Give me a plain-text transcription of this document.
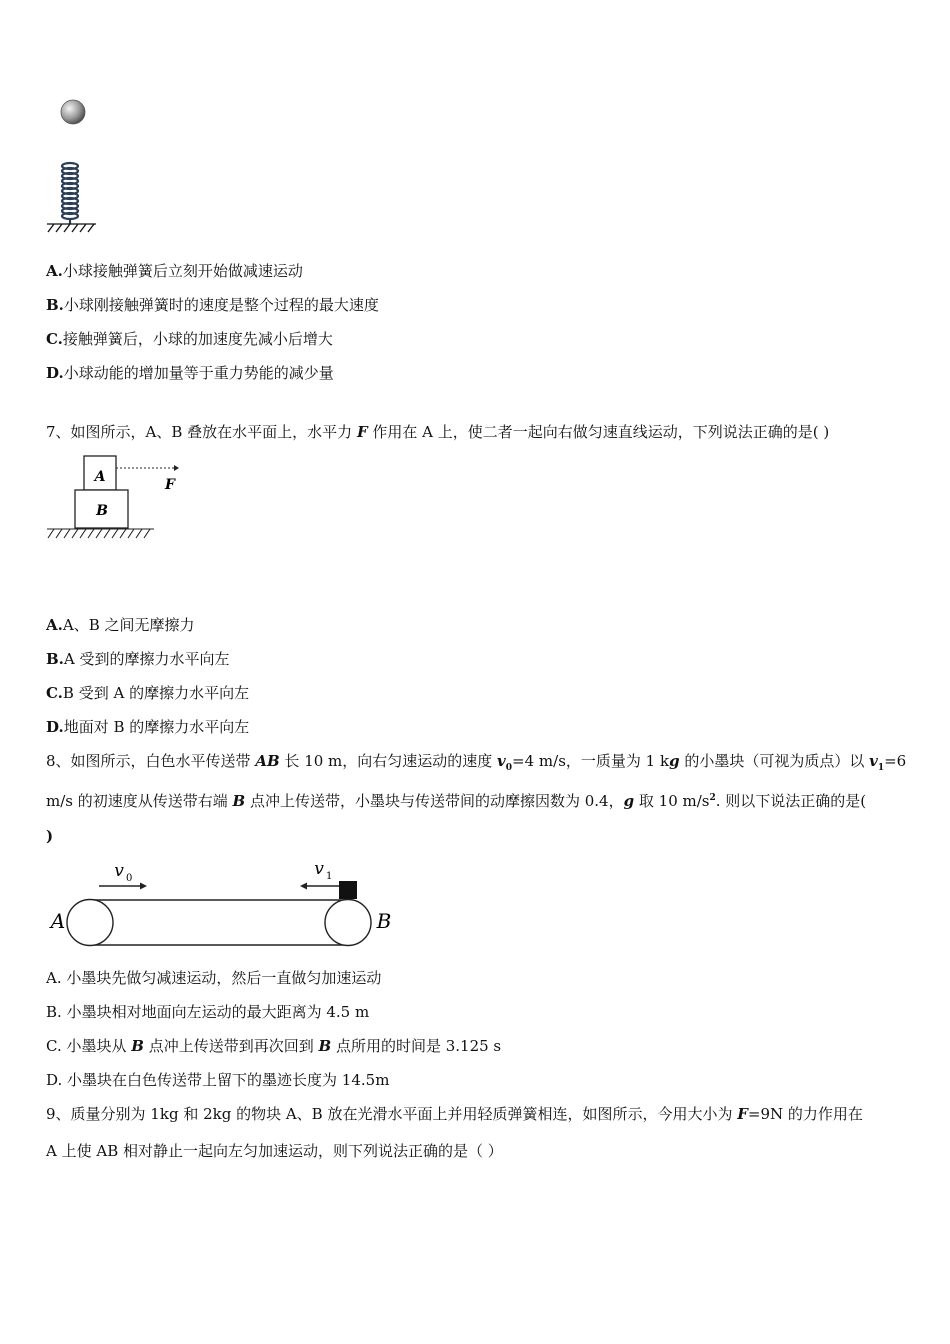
A.小球接触弹簧后立刻开始做减速运动
B.小球刚接触弹簧时的速度是整个过程的最大速度
C.接触弹簧后，小球的加速度先减小后增大
D.小球动能的增加量等于重力势能的减少量
7、如图所示，A、B 叠放在水平面上，水平力 F 作用在 A 上，使二者一起向右做匀速直线运动，下列说法正确的是( )
A
B
F
A.A、B 之间无摩擦力
B.A 受到的摩擦力水平向左
C.B 受到 A 的摩擦力水平向左
D.地面对 B 的摩擦力水平向左
8、如图所示，白色水平传送带 AB 长 10 m，向右匀速运动的速度 $v_0=4$ m/s，一质量为 1 kg 的小墨块（可视为质点）以 $v_1=6$
m/s 的初速度从传送带右端 B 点冲上传送带，小墨块与传送带间的动摩擦因数为 0.4，g 取 10 $m/s^2$. 则以下说法正确的是(
)
A	B
v 0	v 1
A. 小墨块先做匀减速运动，然后一直做匀加速运动
B. 小墨块相对地面向左运动的最大距离为 4.5 m
C. 小墨块从 B 点冲上传送带到再次回到 B 点所用的时间是 3.125 s
D. 小墨块在白色传送带上留下的墨迹长度为 14.5m
9、质量分别为 1kg 和 2kg 的物块 A、B 放在光滑水平面上并用轻质弹簧相连，如图所示，今用大小为 F=9N 的力作用在
A 上使 AB 相对静止一起向左匀加速运动，则下列说法正确的是（ ）
